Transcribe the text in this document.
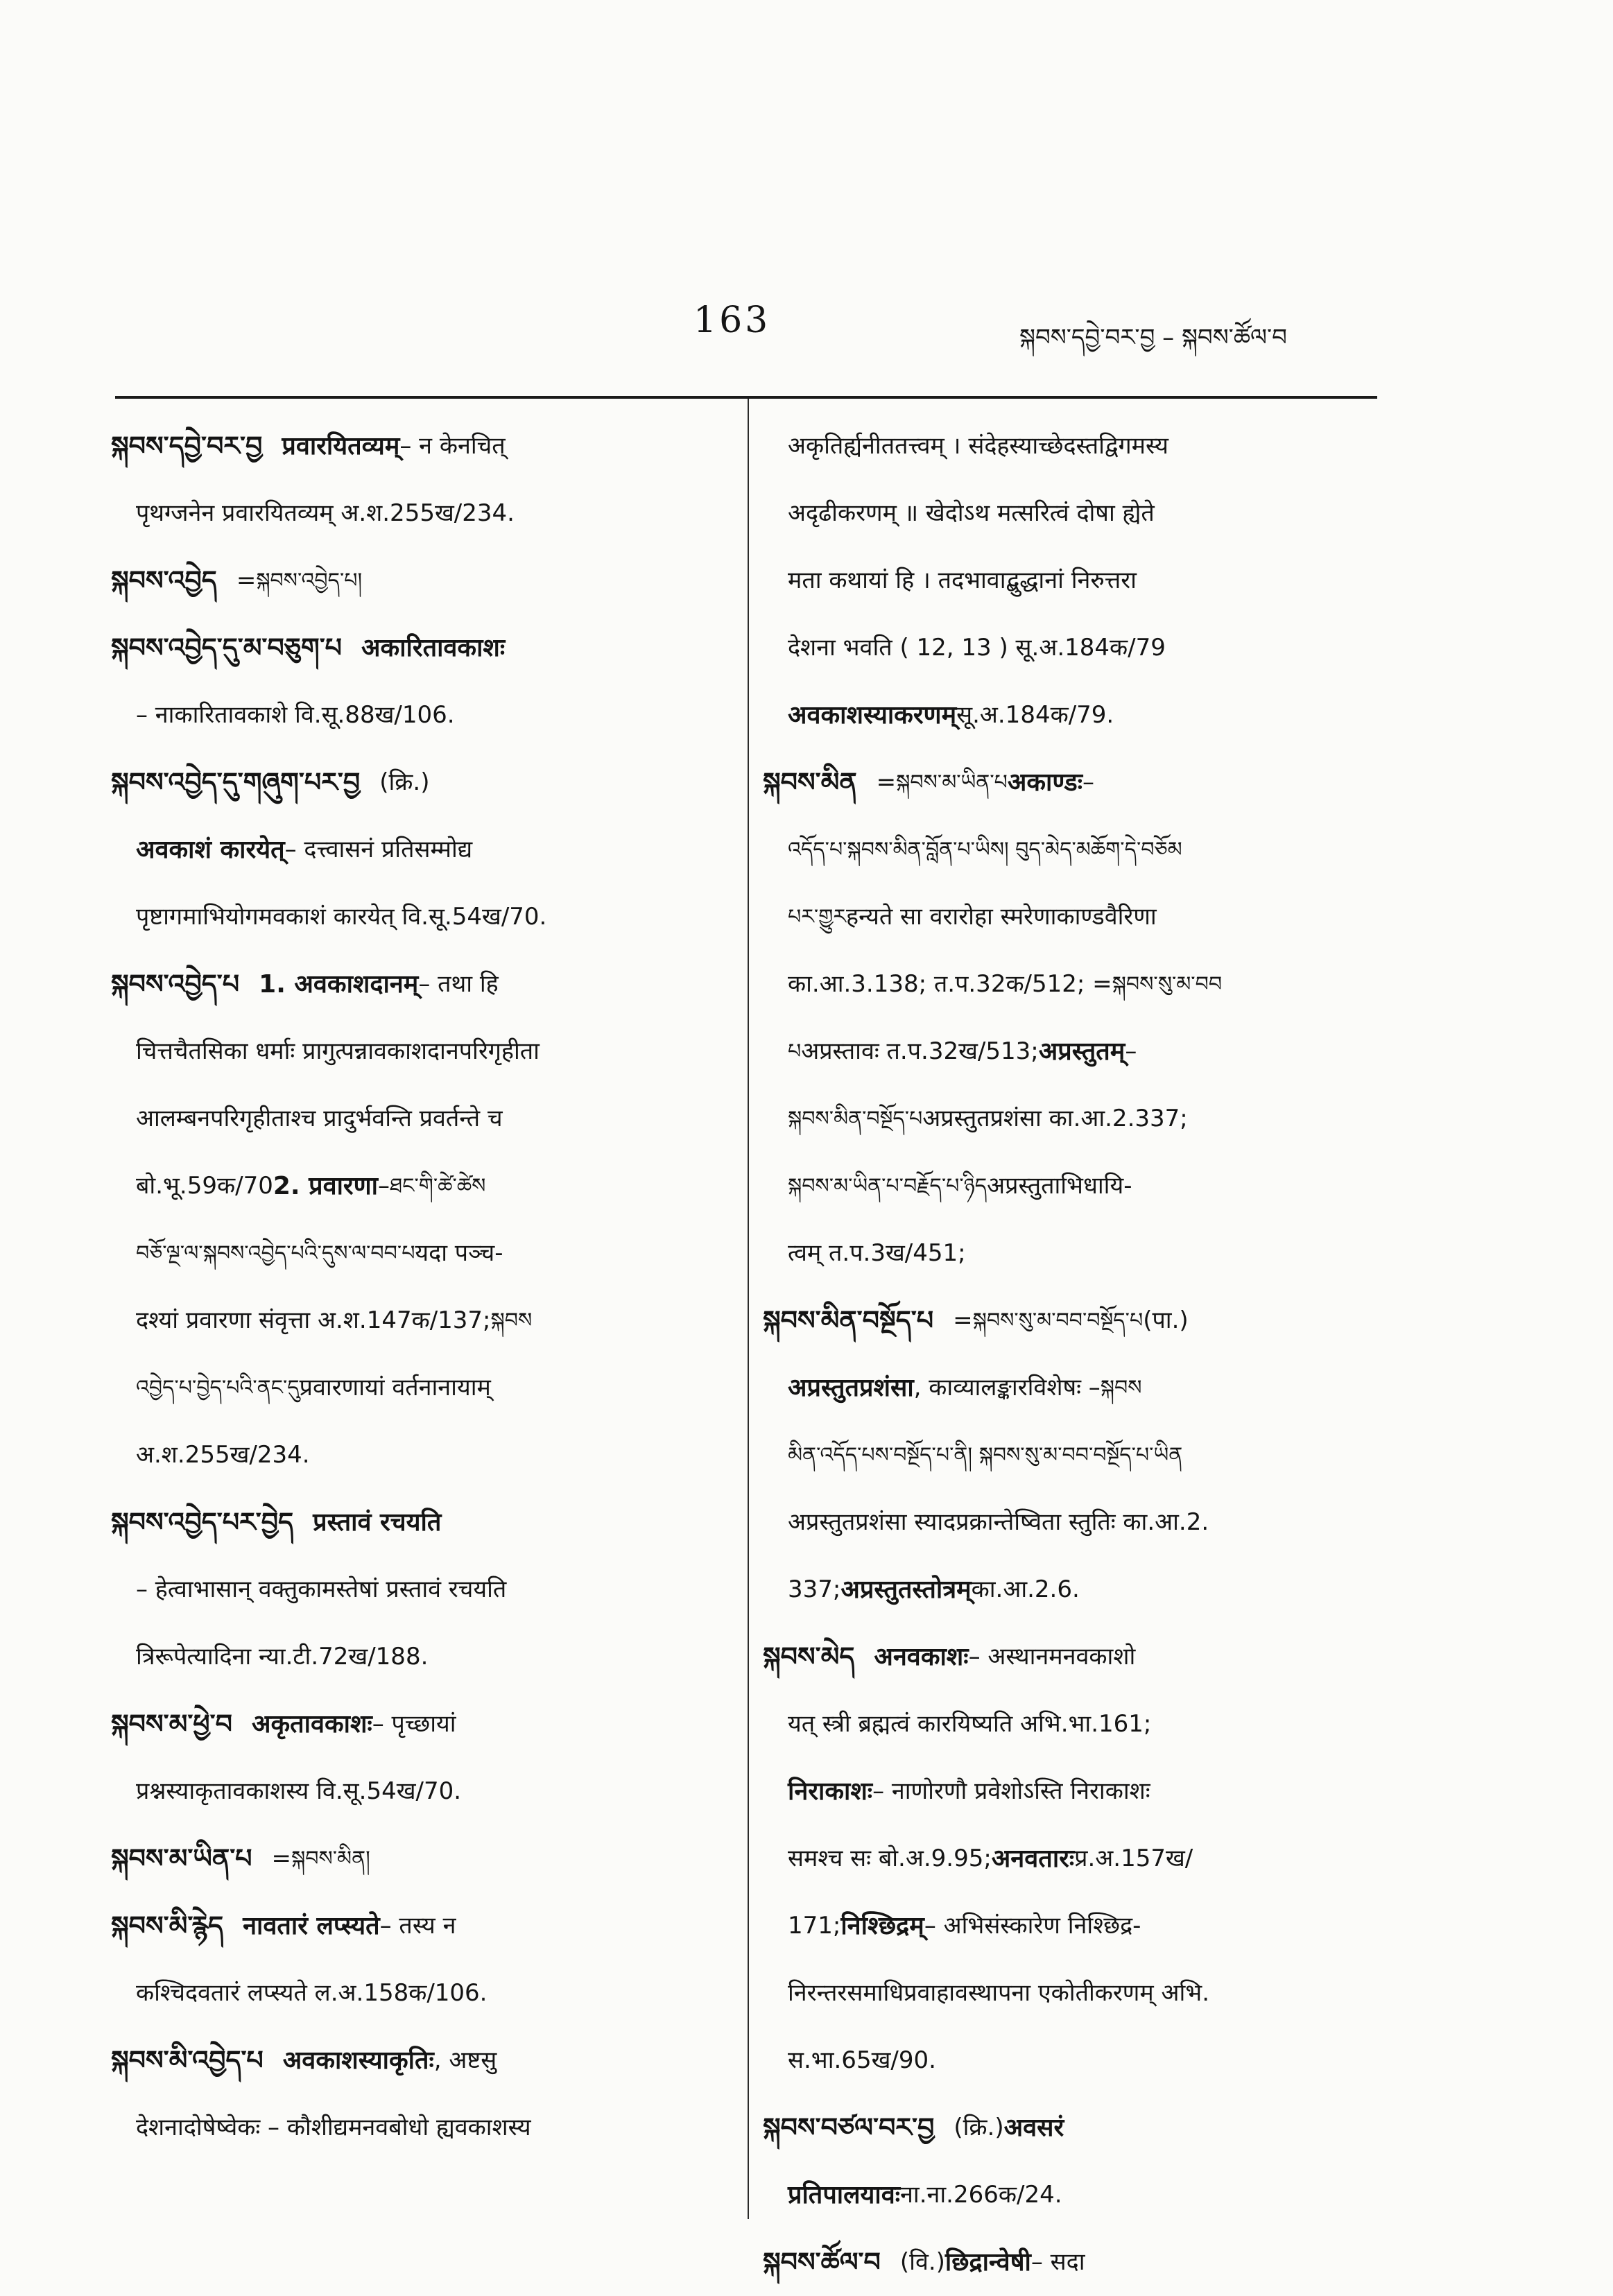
163	སྐབས་དབྱེ་བར་བྱ – སྐབས་ཚོལ་བ
སྐབས་དབྱེ་བར་བྱ प्रवारयितव्यम् – न केनचित्
पृथग्जनेन प्रवारयितव्यम् अ.श.255ख/234.
སྐབས་འབྱེད = སྐབས་འབྱེད་པ།
སྐབས་འབྱེད་དུ་མ་བཅུག་པ अकारितावकाशः
– नाकारितावकाशे वि.सू.88ख/106.
སྐབས་འབྱེད་དུ་གཞུག་པར་བྱ (क्रि.)
अवकाशं कारयेत् – दत्त्वासनं प्रतिसम्मोद्य
पृष्टागमाभियोगमवकाशं कारयेत् वि.सू.54ख/70.
སྐབས་འབྱེད་པ 1. अवकाशदानम् – तथा हि
चित्तचैतसिका धर्माः प्रागुत्पन्नावकाशदानपरिगृहीता
आलम्बनपरिगृहीताश्च प्रादुर्भवन्ति प्रवर्तन्ते च
बो.भू.59क/70 2. प्रवारणा – ཐང་གི་ཚེ་ཚེས
བཅོ་ལྔ་ལ་སྐབས་འབྱེད་པའི་དུས་ལ་བབ་པ यदा पञ्च-
दश्यां प्रवारणा संवृत्ता अ.श.147क/137; སྐབས
འབྱེད་པ་བྱེད་པའི་ནང་དུ प्रवारणायां वर्तनानायाम्
अ.श.255ख/234.
སྐབས་འབྱེད་པར་བྱེད प्रस्तावं रचयति
– हेत्वाभासान् वक्तुकामस्तेषां प्रस्तावं रचयति
त्रिरूपेत्यादिना न्या.टी.72ख/188.
སྐབས་མ་ཕྱེ་བ अकृतावकाशः – पृच्छायां
प्रश्नस्याकृतावकाशस्य वि.सू.54ख/70.
སྐབས་མ་ཡིན་པ = སྐབས་མིན།
སྐབས་མི་རྙེད नावतारं लप्स्यते – तस्य न
कश्चिदवतारं लप्स्यते ल.अ.158क/106.
སྐབས་མི་འབྱེད་པ अवकाशस्याकृतिः , अष्टसु
देशनादोषेष्वेकः – कौशीद्यमनवबोधो ह्यवकाशस्य
अकृतिर्ह्यनीततत्त्वम् । संदेहस्याच्छेदस्तद्विगमस्य
अदृढीकरणम् ॥ खेदोऽथ मत्सरित्वं दोषा ह्येते
मता कथायां हि । तदभावाद्बुद्धानां निरुत्तरा
देशना भवति ( 12, 13 ) सू.अ.184क/79
अवकाशस्याकरणम् सू.अ.184क/79.
སྐབས་མིན = སྐབས་མ་ཡིན་པ अकाण्डः –
འདོད་པ་སྐབས་མིན་བློན་པ་ཡིས། བུད་མེད་མཆོག་དེ་བཅོམ
པར་གྱུར हन्यते सा वरारोहा स्मरेणाकाण्डवैरिणा
का.आ.3.138; त.प.32क/512; = སྐབས་སུ་མ་བབ
པ अप्रस्तावः त.प.32ख/513; अप्रस्तुतम् –
སྐབས་མིན་བསྔོད་པ अप्रस्तुतप्रशंसा का.आ.2.337;
སྐབས་མ་ཡིན་པ་བརྗོད་པ་ཉིད अप्रस्तुताभिधायि-
त्वम् त.प.3ख/451;
སྐབས་མིན་བསྔོད་པ = སྐབས་སུ་མ་བབ་བསྔོད་པ (पा.)
अप्रस्तुतप्रशंसा , काव्यालङ्कारविशेषः – སྐབས
མིན་འདོད་པས་བསྔོད་པ་ནི། སྐབས་སུ་མ་བབ་བསྔོད་པ་ཡིན
अप्रस्तुतप्रशंसा स्यादप्रक्रान्तेष्विता स्तुतिः का.आ.2.
337; अप्रस्तुतस्तोत्रम् का.आ.2.6.
སྐབས་མེད अनवकाशः – अस्थानमनवकाशो
यत् स्त्री ब्रह्मत्वं कारयिष्यति अभि.भा.161;
निराकाशः – नाणोरणौ प्रवेशोऽस्ति निराकाशः
समश्च सः बो.अ.9.95; अनवतारः प्र.अ.157ख/
171; निश्छिद्रम् – अभिसंस्कारेण निश्छिद्र-
निरन्तरसमाधिप्रवाहावस्थापना एकोतीकरणम् अभि.
स.भा.65ख/90.
སྐབས་བཙལ་བར་བྱ (क्रि.) अवसरं
प्रतिपालयावः ना.ना.266क/24.
སྐབས་ཚོལ་བ (वि.) छिद्रान्वेषी – सदा
